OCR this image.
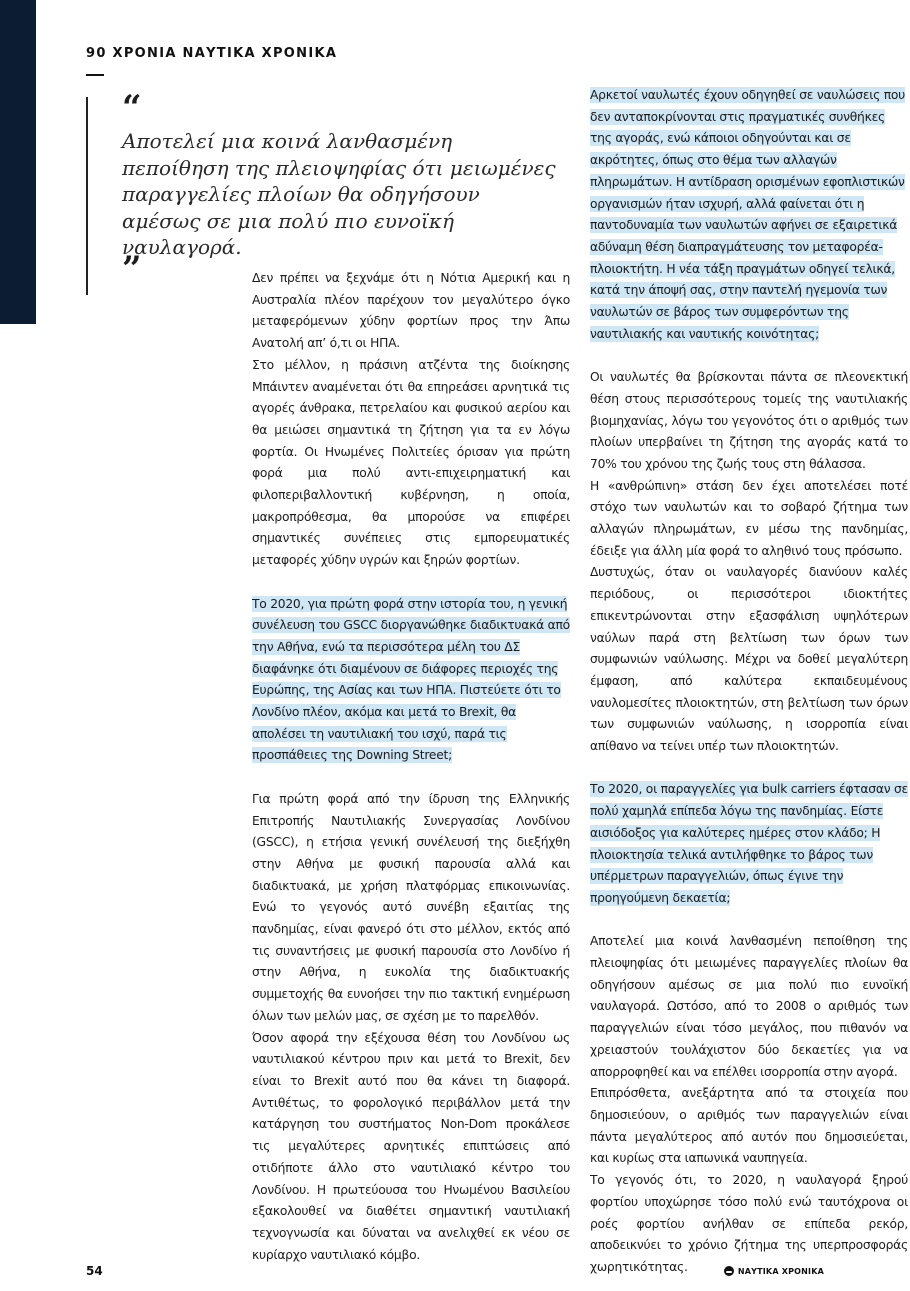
90 ΧΡΟΝΙΑ ΝΑΥΤΙΚΑ ΧΡΟΝΙΚΑ
“

Αποτελεί μια κοινά λανθασμένη πεποίθηση της πλειοψηφίας ότι μειωμένες παραγγελίες πλοίων θα οδηγήσουν αμέσως σε μια πολύ πιο ευνοϊκή ναυλαγορά.

”	Δεν πρέπει να ξεχνάμε ότι η Νότια Αμερική και η Αυστραλία πλέον παρέχουν τον μεγαλύτερο όγκο μεταφερόμενων χύδην φορτίων προς την Άπω Ανατολή απ’ ό,τι οι ΗΠΑ.

Στο μέλλον, η πράσινη ατζέντα της διοίκησης Μπάιντεν αναμένεται ότι θα επηρεάσει αρνητικά τις αγορές άνθρακα, πετρελαίου και φυσικού αερίου και θα μειώσει σημαντικά τη ζήτηση για τα εν λόγω φορτία. Οι Ηνωμένες Πολιτείες όρισαν για πρώτη φορά μια πολύ αντι-επιχειρηματική και φιλοπεριβαλλοντική κυβέρνηση, η οποία, μακροπρόθεσμα, θα μπορούσε να επιφέρει σημαντικές συνέπειες στις εμπορευματικές μεταφορές χύδην υγρών και ξηρών φορτίων.

Το 2020, για πρώτη φορά στην ιστορία του, η γενική συνέλευση του GSCC διοργανώθηκε διαδικτυακά από την Αθήνα, ενώ τα περισσότερα μέλη του ΔΣ διαφάνηκε ότι διαμένουν σε διάφορες περιοχές της Ευρώπης, της Ασίας και των ΗΠΑ. Πιστεύετε ότι το Λονδίνο πλέον, ακόμα και μετά το Brexit, θα απολέσει τη ναυτιλιακή του ισχύ, παρά τις προσπάθειες της Downing Street;

Για πρώτη φορά από την ίδρυση της Ελληνικής Επιτροπής Ναυτιλιακής Συνεργασίας Λονδίνου (GSCC), η ετήσια γενική συνέλευσή της διεξήχθη στην Αθήνα με φυσική παρουσία αλλά και διαδικτυακά, με χρήση πλατφόρμας επικοινωνίας. Ενώ το γεγονός αυτό συνέβη εξαιτίας της πανδημίας, είναι φανερό ότι στο μέλλον, εκτός από τις συναντήσεις με φυσική παρουσία στο Λονδίνο ή στην Αθήνα, η ευκολία της διαδικτυακής συμμετοχής θα ευνοήσει την πιο τακτική ενημέρωση όλων των μελών μας, σε σχέση με το παρελθόν.

Όσον αφορά την εξέχουσα θέση του Λονδίνου ως ναυτιλιακού κέντρου πριν και μετά το Brexit, δεν είναι το Brexit αυτό που θα κάνει τη διαφορά. Αντιθέτως, το φορολογικό περιβάλλον μετά την κατάργηση του συστήματος Non-Dom προκάλεσε τις μεγαλύτερες αρνητικές επιπτώσεις από οτιδήποτε άλλο στο ναυτιλιακό κέντρο του Λονδίνου. Η πρωτεύουσα του Ηνωμένου Βασιλείου εξακολουθεί να διαθέτει σημαντική ναυτιλιακή τεχνογνωσία και δύναται να ανελιχθεί εκ νέου σε κυρίαρχο ναυτιλιακό κόμβο.

Αρκετοί ναυλωτές έχουν οδηγηθεί σε ναυλώσεις που δεν ανταποκρίνονται στις πραγματικές συνθήκες της αγοράς, ενώ κάποιοι οδηγούνται και σε ακρότητες, όπως στο θέμα των αλλαγών πληρωμάτων. Η αντίδραση ορισμένων εφοπλιστικών οργανισμών ήταν ισχυρή, αλλά φαίνεται ότι η παντοδυναμία των ναυλωτών αφήνει σε εξαιρετικά αδύναμη θέση διαπραγμάτευσης τον μεταφορέα-πλοιοκτήτη. Η νέα τάξη πραγμάτων οδηγεί τελικά, κατά την άποψή σας, στην παντελή ηγεμονία των ναυλωτών σε βάρος των συμφερόντων της ναυτιλιακής και ναυτικής κοινότητας;

Οι ναυλωτές θα βρίσκονται πάντα σε πλεονεκτική θέση στους περισσότερους τομείς της ναυτιλιακής βιομηχανίας, λόγω του γεγονότος ότι ο αριθμός των πλοίων υπερβαίνει τη ζήτηση της αγοράς κατά το 70% του χρόνου της ζωής τους στη θάλασσα.

Η «ανθρώπινη» στάση δεν έχει αποτελέσει ποτέ στόχο των ναυλωτών και το σοβαρό ζήτημα των αλλαγών πληρωμάτων, εν μέσω της πανδημίας, έδειξε για άλλη μία φορά το αληθινό τους πρόσωπο.

Δυστυχώς, όταν οι ναυλαγορές διανύουν καλές περιόδους, οι περισσότεροι ιδιοκτήτες επικεντρώνονται στην εξασφάλιση υψηλότερων ναύλων παρά στη βελτίωση των όρων των συμφωνιών ναύλωσης. Μέχρι να δοθεί μεγαλύτερη έμφαση, από καλύτερα εκπαιδευμένους ναυλομεσίτες πλοιοκτητών, στη βελτίωση των όρων των συμφωνιών ναύλωσης, η ισορροπία είναι απίθανο να τείνει υπέρ των πλοιοκτητών.

Το 2020, οι παραγγελίες για bulk carriers έφτασαν σε πολύ χαμηλά επίπεδα λόγω της πανδημίας. Είστε αισιόδοξος για καλύτερες ημέρες στον κλάδο; Η πλοιοκτησία τελικά αντιλήφθηκε το βάρος των υπέρμετρων παραγγελιών, όπως έγινε την προηγούμενη δεκαετία;

Αποτελεί μια κοινά λανθασμένη πεποίθηση της πλειοψηφίας ότι μειωμένες παραγγελίες πλοίων θα οδηγήσουν αμέσως σε μια πολύ πιο ευνοϊκή ναυλαγορά. Ωστόσο, από το 2008 ο αριθμός των παραγγελιών είναι τόσο μεγάλος, που πιθανόν να χρειαστούν τουλάχιστον δύο δεκαετίες για να απορροφηθεί και να επέλθει ισορροπία στην αγορά.

Επιπρόσθετα, ανεξάρτητα από τα στοιχεία που δημοσιεύουν, ο αριθμός των παραγγελιών είναι πάντα μεγαλύτερος από αυτόν που δημοσιεύεται, και κυρίως στα ιαπωνικά ναυπηγεία.

Το γεγονός ότι, το 2020, η ναυλαγορά ξηρού φορτίου υποχώρησε τόσο πολύ ενώ ταυτόχρονα οι ροές φορτίου ανήλθαν σε επίπεδα ρεκόρ, αποδεικνύει το χρόνιο ζήτημα της υπερπροσφοράς χωρητικότητας.

54	ΝΑΥΤΙΚΑ ΧΡΟΝΙΚΑ
